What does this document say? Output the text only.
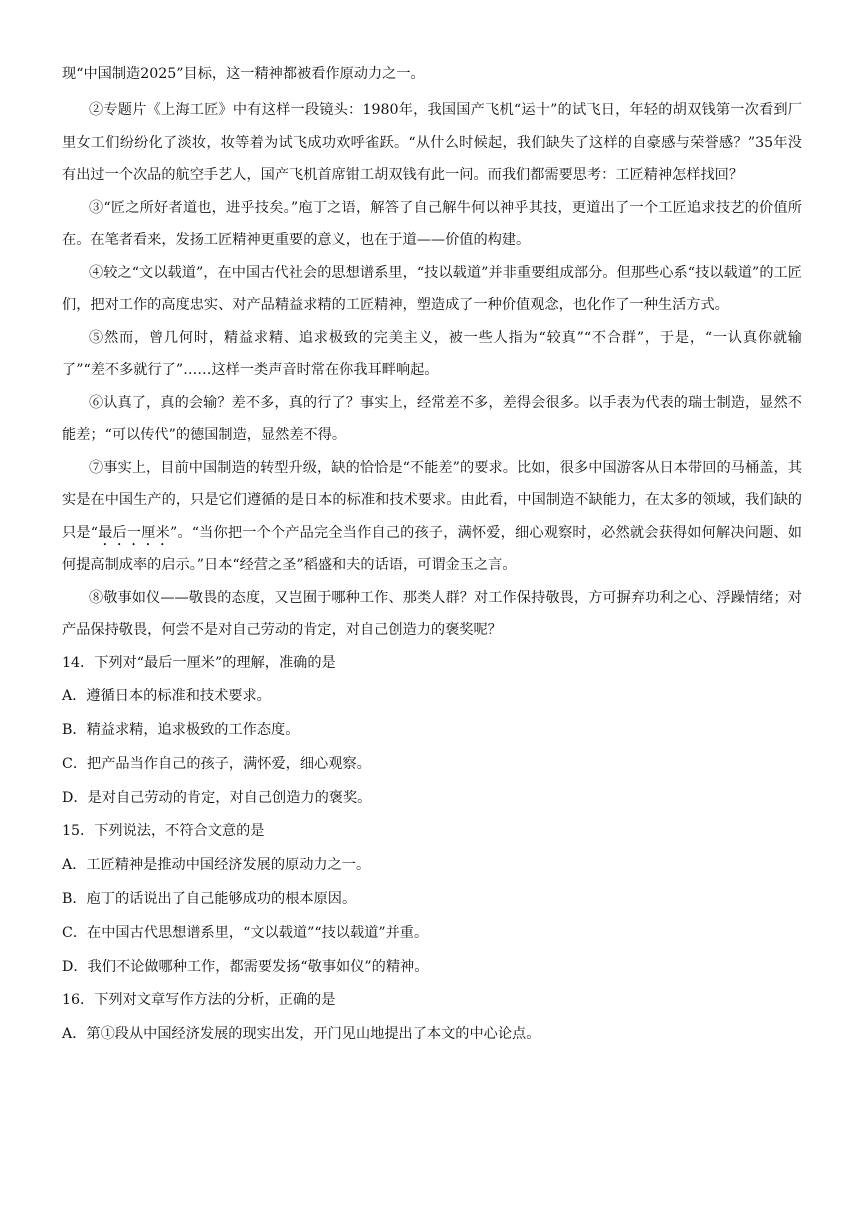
现“中国制造2025”目标，这一精神都被看作原动力之一。

②专题片《上海工匠》中有这样一段镜头：1980年，我国国产飞机“运十”的试飞日，年轻的胡双钱第一次看到厂里女工们纷纷化了淡妆，妆等着为试飞成功欢呼雀跃。“从什么时候起，我们缺失了这样的自豪感与荣誉感？”35年没有出过一个次品的航空手艺人，国产飞机首席钳工胡双钱有此一问。而我们都需要思考：工匠精神怎样找回？

③“匠之所好者道也，进乎技矣。”庖丁之语，解答了自己解牛何以神乎其技，更道出了一个工匠追求技艺的价值所在。在笔者看来，发扬工匠精神更重要的意义，也在于道——价值的构建。

④较之“文以载道”，在中国古代社会的思想谱系里，“技以载道”并非重要组成部分。但那些心系“技以载道”的工匠们，把对工作的高度忠实、对产品精益求精的工匠精神，塑造成了一种价值观念，也化作了一种生活方式。

⑤然而，曾几何时，精益求精、追求极致的完美主义，被一些人指为“较真”“不合群”，于是，“一认真你就输了”“差不多就行了”……这样一类声音时常在你我耳畔响起。

⑥认真了，真的会输？差不多，真的行了？事实上，经常差不多，差得会很多。以手表为代表的瑞士制造，显然不能差；“可以传代”的德国制造，显然差不得。

⑦事实上，目前中国制造的转型升级，缺的恰恰是“不能差”的要求。比如，很多中国游客从日本带回的马桶盖，其实是在中国生产的，只是它们遵循的是日本的标准和技术要求。由此看，中国制造不缺能力，在太多的领域，我们缺的只是“最后一厘米”。“当你把一个个产品完全当作自己的孩子，满怀爱，细心观察时，必然就会获得如何解决问题、如何提高制成率的启示。”日本“经营之圣”稻盛和夫的话语，可谓金玉之言。

⑧敬事如仪——敬畏的态度，又岂囿于哪种工作、那类人群？对工作保持敬畏，方可摒弃功利之心、浮躁情绪；对产品保持敬畏，何尝不是对自己劳动的肯定，对自己创造力的褒奖呢？

14．下列对“最后一厘米”的理解，准确的是

A．遵循日本的标准和技术要求。

B．精益求精，追求极致的工作态度。

C．把产品当作自己的孩子，满怀爱，细心观察。

D．是对自己劳动的肯定，对自己创造力的褒奖。

15．下列说法，不符合文意的是

A．工匠精神是推动中国经济发展的原动力之一。

B．庖丁的话说出了自己能够成功的根本原因。

C．在中国古代思想谱系里，“文以载道”“技以载道”并重。

D．我们不论做哪种工作，都需要发扬“敬事如仪”的精神。

16．下列对文章写作方法的分析，正确的是

A．第①段从中国经济发展的现实出发，开门见山地提出了本文的中心论点。
